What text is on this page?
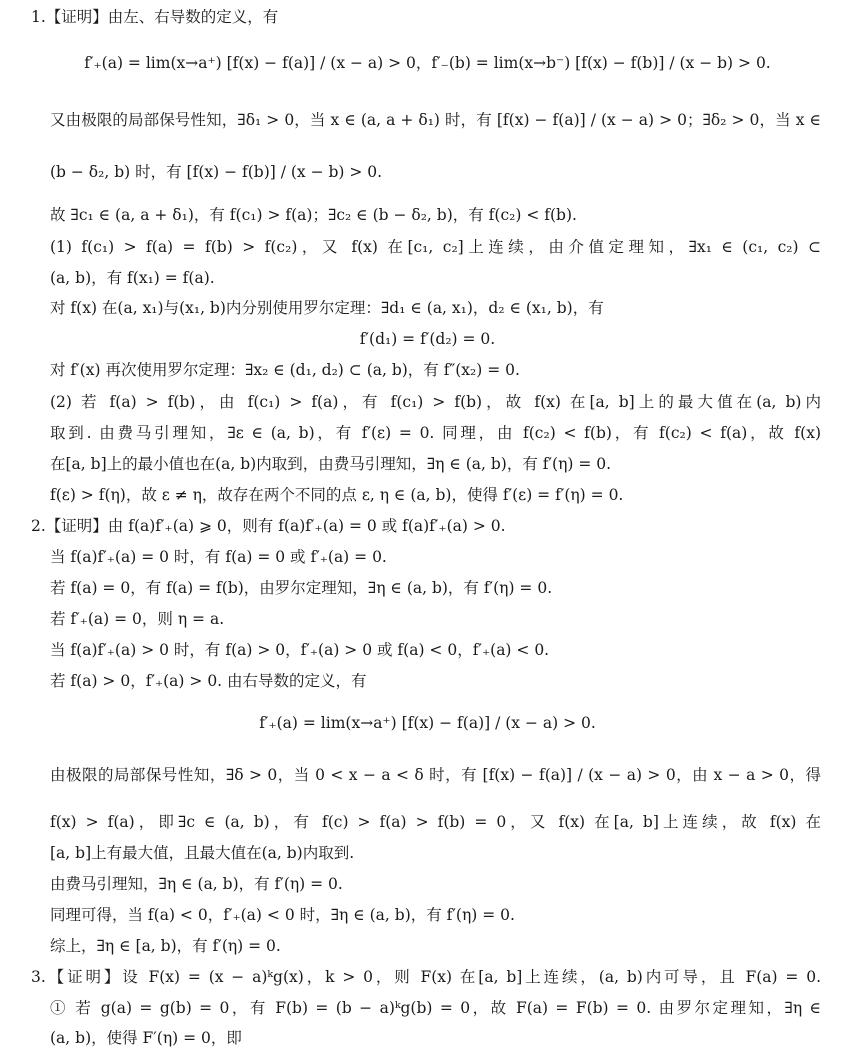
1.【证明】由左、右导数的定义，有
f′₊(a) = lim(x→a⁺) [f(x) − f(a)] / (x − a) > 0，f′₋(b) = lim(x→b⁻) [f(x) − f(b)] / (x − b) > 0.
又由极限的局部保号性知，∃δ₁ > 0，当 x ∈ (a, a + δ₁) 时，有 [f(x) − f(a)] / (x − a) > 0；∃δ₂ > 0，当 x ∈
(b − δ₂, b) 时，有 [f(x) − f(b)] / (x − b) > 0.
故 ∃c₁ ∈ (a, a + δ₁)，有 f(c₁) > f(a)；∃c₂ ∈ (b − δ₂, b)，有 f(c₂) < f(b).
(1) f(c₁) > f(a) = f(b) > f(c₂)，又 f(x) 在[c₁, c₂]上连续，由介值定理知，∃x₁ ∈ (c₁, c₂) ⊂
(a, b)，有 f(x₁) = f(a).
对 f(x) 在(a, x₁)与(x₁, b)内分别使用罗尔定理：∃d₁ ∈ (a, x₁)，d₂ ∈ (x₁, b)，有
f′(d₁) = f′(d₂) = 0.
对 f′(x) 再次使用罗尔定理：∃x₂ ∈ (d₁, d₂) ⊂ (a, b)，有 f″(x₂) = 0.
(2) 若 f(a) > f(b)，由 f(c₁) > f(a)，有 f(c₁) > f(b)，故 f(x) 在[a, b]上的最大值在(a, b)内
取到. 由费马引理知，∃ε ∈ (a, b)，有 f′(ε) = 0. 同理，由 f(c₂) < f(b)，有 f(c₂) < f(a)，故 f(x)
在[a, b]上的最小值也在(a, b)内取到，由费马引理知，∃η ∈ (a, b)，有 f′(η) = 0.
f(ε) > f(η)，故 ε ≠ η，故存在两个不同的点 ε, η ∈ (a, b)，使得 f′(ε) = f′(η) = 0.
2.【证明】由 f(a)f′₊(a) ⩾ 0，则有 f(a)f′₊(a) = 0 或 f(a)f′₊(a) > 0.
当 f(a)f′₊(a) = 0 时，有 f(a) = 0 或 f′₊(a) = 0.
若 f(a) = 0，有 f(a) = f(b)，由罗尔定理知，∃η ∈ (a, b)，有 f′(η) = 0.
若 f′₊(a) = 0，则 η = a.
当 f(a)f′₊(a) > 0 时，有 f(a) > 0，f′₊(a) > 0 或 f(a) < 0，f′₊(a) < 0.
若 f(a) > 0，f′₊(a) > 0. 由右导数的定义，有
f′₊(a) = lim(x→a⁺) [f(x) − f(a)] / (x − a) > 0.
由极限的局部保号性知，∃δ > 0，当 0 < x − a < δ 时，有 [f(x) − f(a)] / (x − a) > 0，由 x − a > 0，得
f(x) > f(a)，即∃c ∈ (a, b)，有 f(c) > f(a) > f(b) = 0，又 f(x) 在[a, b]上连续，故 f(x) 在
[a, b]上有最大值，且最大值在(a, b)内取到.
由费马引理知，∃η ∈ (a, b)，有 f′(η) = 0.
同理可得，当 f(a) < 0，f′₊(a) < 0 时，∃η ∈ (a, b)，有 f′(η) = 0.
综上，∃η ∈ [a, b)，有 f′(η) = 0.
3.【证明】设 F(x) = (x − a)ᵏg(x)，k > 0，则 F(x) 在[a, b]上连续，(a, b)内可导，且 F(a) = 0.
① 若 g(a) = g(b) = 0，有 F(b) = (b − a)ᵏg(b) = 0，故 F(a) = F(b) = 0. 由罗尔定理知，∃η ∈
(a, b)，使得 F′(η) = 0，即
